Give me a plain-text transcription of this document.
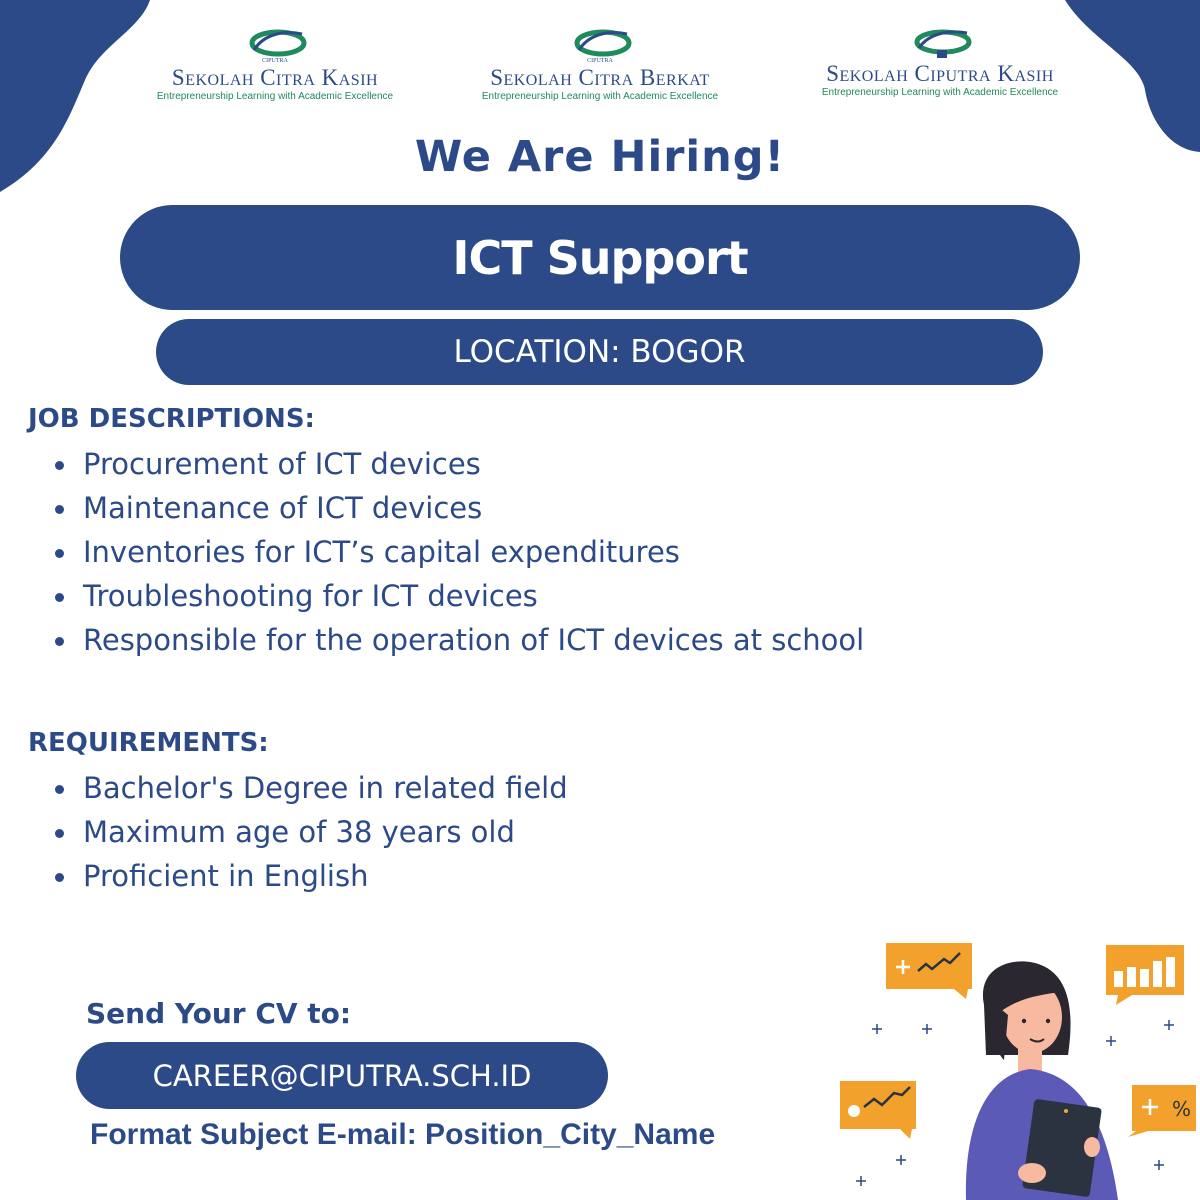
CIPUTRA
Sekolah Citra Kasih
Entrepreneurship Learning with Academic Excellence
CIPUTRA
Sekolah Citra Berkat
Entrepreneurship Learning with Academic Excellence
Sekolah Ciputra Kasih
Entrepreneurship Learning with Academic Excellence
We Are Hiring!
ICT Support
LOCATION: BOGOR
JOB DESCRIPTIONS:
Procurement of ICT devices
Maintenance of ICT devices
Inventories for ICT’s capital expenditures
Troubleshooting for ICT devices
Responsible for the operation of ICT devices at school
REQUIREMENTS:
Bachelor's Degree in related field
Maximum age of 38 years old
Proficient in English
Send Your CV to:
CAREER@CIPUTRA.SCH.ID
Format Subject E-mail: Position_City_Name
%
